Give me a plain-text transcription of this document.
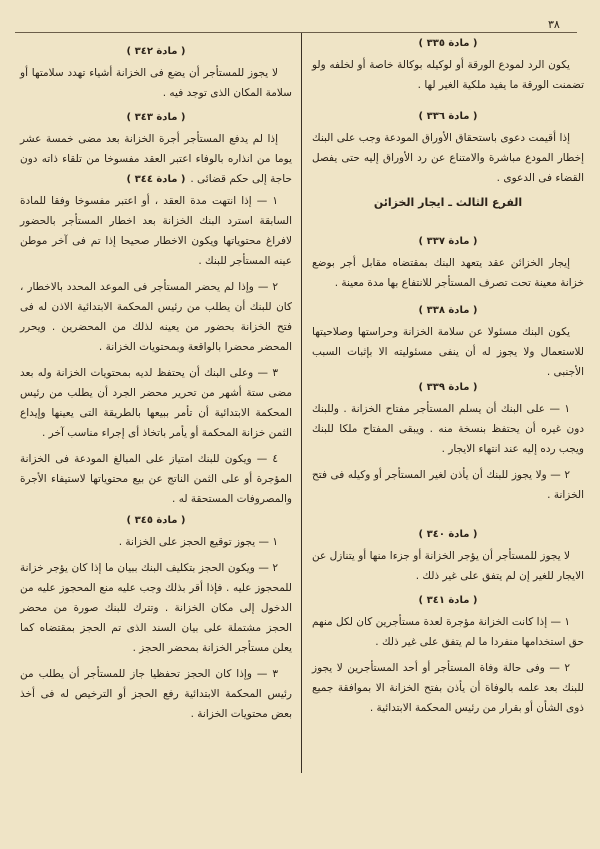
٣٨
( مادة ٣٣٥ )

يكون الرد لمودع الورقة أو لوكيله بوكالة خاصة أو لخلفه ولو تضمنت الورقة ما يفيد ملكية الغير لها .

( مادة ٣٣٦ )

إذا أقيمت دعوى باستحقاق الأوراق المودعة وجب على البنك إخطار المودع مباشرة والامتناع عن رد الأوراق إليه حتى يفصل القضاء فى الدعوى .

الفرع الثالث ـ ايجار الخزائن
( مادة ٣٣٧ )

إيجار الخزائن عقد يتعهد البنك بمقتضاه مقابل أجر بوضع خزانة معينة تحت تصرف المستأجر للانتفاع بها مدة معينة .

( مادة ٣٣٨ )

يكون البنك مسئولا عن سلامة الخزانة وحراستها وصلاحيتها للاستعمال ولا يجوز له أن ينفى مسئوليته الا بإثبات السبب الأجنبى .

( مادة ٣٣٩ )

١ — على البنك أن يسلم المستأجر مفتاح الخزانة . وللبنك دون غيره أن يحتفظ بنسخة منه . ويبقى المفتاح ملكا للبنك ويجب رده إليه عند انتهاء الايجار .

٢ — ولا يجوز للبنك أن يأذن لغير المستأجر أو وكيله فى فتح الخزانة .

( مادة ٣٤٠ )

لا يجوز للمستأجر أن يؤجر الخزانة أو جزءا منها أو يتنازل عن الايجار للغير إن لم يتفق على غير ذلك .

( مادة ٣٤١ )

١ — إذا كانت الخزانة مؤجرة لعدة مستأجرين كان لكل منهم حق استخدامها منفردا ما لم يتفق على غير ذلك .

٢ — وفى حالة وفاة المستأجر أو أحد المستأجرين لا يجوز للبنك بعد علمه بالوفاة أن يأذن بفتح الخزانة الا بموافقة جميع ذوى الشأن أو بقرار من رئيس المحكمة الابتدائية .

( مادة ٣٤٢ )

لا يجوز للمستأجر أن يضع فى الخزانة أشياء تهدد سلامتها أو سلامة المكان الذى توجد فيه .

( مادة ٣٤٣ )

إذا لم يدفع المستأجر أجرة الخزانة بعد مضى خمسة عشر يوما من انذاره بالوفاء اعتبر العقد مفسوخا من تلقاء ذاته دون حاجة إلى حكم قضائى .

( مادة ٣٤٤ )

١ — إذا انتهت مدة العقد ، أو اعتبر مفسوخا وفقا للمادة السابقة استرد البنك الخزانة بعد اخطار المستأجر بالحضور لافراغ محتوياتها ويكون الاخطار صحيحا إذا تم فى آخر موطن عينه المستأجر للبنك .

٢ — وإذا لم يحضر المستأجر فى الموعد المحدد بالاخطار ، كان للبنك أن يطلب من رئيس المحكمة الابتدائية الاذن له فى فتح الخزانة بحضور من يعينه لذلك من المحضرين . ويحرر المحضر محضرا بالواقعة وبمحتويات الخزانة .

٣ — وعلى البنك أن يحتفظ لديه بمحتويات الخزانة وله بعد مضى ستة أشهر من تحرير محضر الجرد أن يطلب من رئيس المحكمة الابتدائية أن تأمر ببيعها بالطريقة التى يعينها وإيداع الثمن خزانة المحكمة أو يأمر باتخاذ أى إجراء مناسب آخر .

٤ — ويكون للبنك امتياز على المبالغ المودعة فى الخزانة المؤجرة أو على الثمن الناتج عن بيع محتوياتها لاستيفاء الأجرة والمصروفات المستحقة له .

( مادة ٣٤٥ )

١ — يجوز توقيع الحجز على الخزانة .

٢ — ويكون الحجز بتكليف البنك ببيان ما إذا كان يؤجر خزانة للمحجوز عليه . فإذا أقر بذلك وجب عليه منع المحجوز عليه من الدخول إلى مكان الخزانة . وتترك للبنك صورة من محضر الحجز مشتملة على بيان السند الذى تم الحجز بمقتضاه كما يعلن مستأجر الخزانة بمحضر الحجز .

٣ — وإذا كان الحجز تحفظيا جاز للمستأجر أن يطلب من رئيس المحكمة الابتدائية رفع الحجز أو الترخيص له فى أخذ بعض محتويات الخزانة .
